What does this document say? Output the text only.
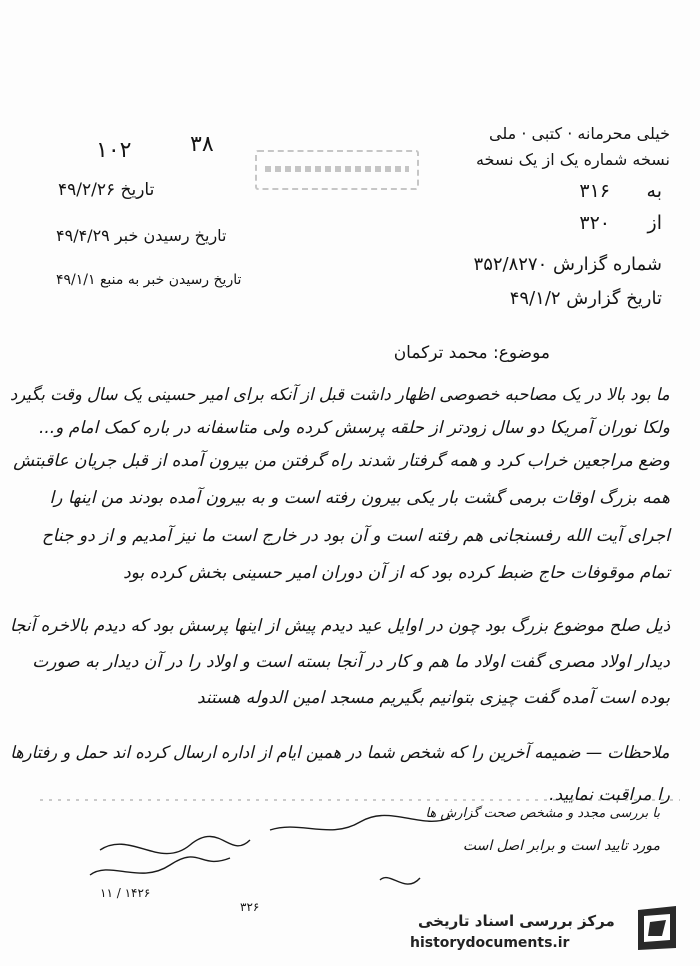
خیلی محرمانه · کتبی · ملی
نسخه شماره یک از یک نسخه
به
۳۱۶
از
۳۲۰
شماره گزارش ۳۵۲/۸۲۷۰
تاریخ گزارش ۴۹/۱/۲
۳۸
۱۰۲
تاریخ ۴۹/۲/۲۶
تاریخ رسیدن خبر ۴۹/۴/۲۹
تاریخ رسیدن خبر به منبع ۴۹/۱/۱
موضوع: محمد ترکمان
ما بود بالا در یک مصاحبه خصوصی اظهار داشت قبل از آنکه برای امیر حسینی یک سال وقت بگیرد
ولکا نوران آمریکا دو سال زودتر از حلقه پرسش کرده ولی متاسفانه در باره کمک امام و...
وضع مراجعین خراب کرد و همه گرفتار شدند راه گرفتن من بیرون آمده از قبل جریان عاقبتش
همه بزرگ اوقات برمی گشت بار یکی بیرون رفته است و به بیرون آمده بودند من اینها را
اجرای آیت الله رفسنجانی هم رفته است و آن بود در خارج است ما نیز آمدیم و از دو جناح
تمام موقوفات حاج ضبط کرده بود که از آن دوران امیر حسینی بخش کرده بود
ذیل صلح موضوع بزرگ بود چون در اوایل عید دیدم پیش از اینها پرسش بود که دیدم بالاخره آنجا
دیدار اولاد مصری گفت اولاد ما هم و کار در آنجا بسته است و اولاد را در آن دیدار به صورت
بوده است آمده گفت چیزی بتوانیم بگیریم مسجد امین الدوله هستند
ملاحظات — ضمیمه آخرین را که شخص شما در همین ایام از اداره ارسال کرده اند حمل و رفتارها
را مراقبت نمایید.
با بررسی مجدد و مشخص صحت گزارش ها
مورد تایید است و برابر اصل است
۱۴۲۶ / ۱۱
۳۲۶
مرکز بررسی اسناد تاریخی
historydocuments.ir
